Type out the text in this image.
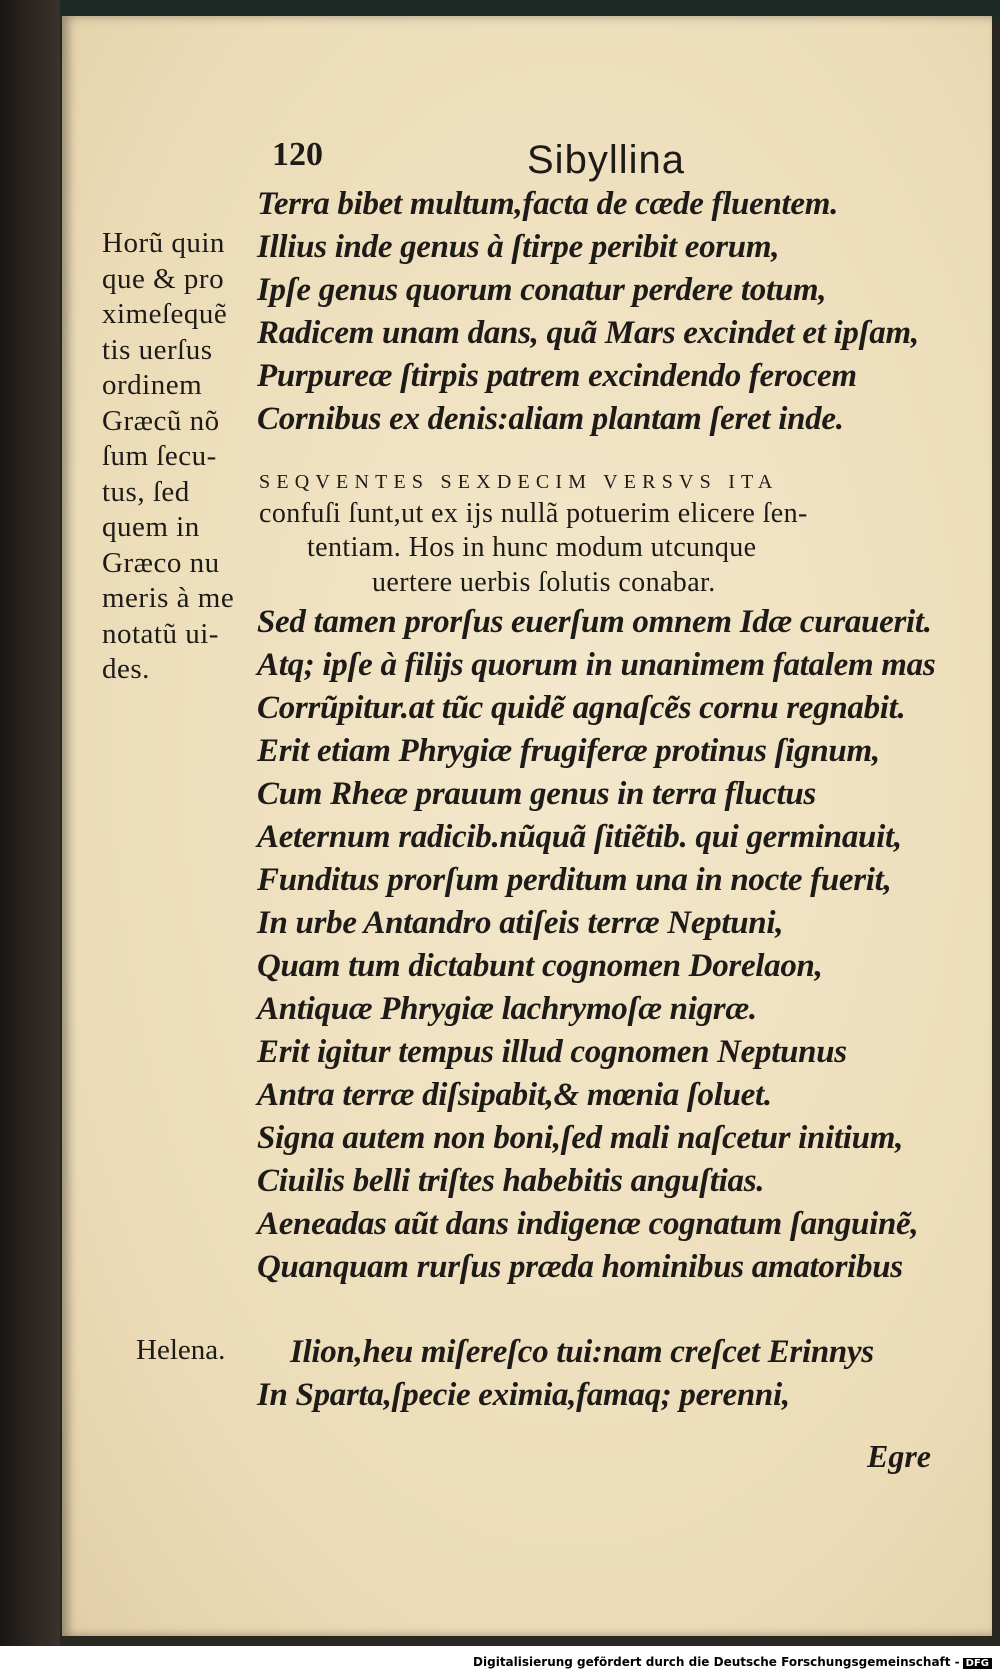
120	Sibyllina
Horũ quin
que & pro
ximeſequẽ
tis uerſus
ordinem
Græcũ nõ
ſum ſecu-
tus, ſed
quem in
Græco nu
meris à me
notatũ ui-
des.
Helena.
Terra bibet multum,facta de cæde fluentem.
Illius inde genus à ſtirpe peribit eorum,
Ipſe genus quorum conatur perdere totum,
Radicem unam dans, quã Mars excindet et ipſam,
Purpureæ ſtirpis patrem excindendo ferocem
Cornibus ex denis:aliam plantam ſeret inde.
SEQVENTES SEXDECIM VERSVS ITA
confuſi ſunt,ut ex ijs nullã potuerim elicere ſen-
tentiam. Hos in hunc modum utcunque
uertere uerbis ſolutis conabar.
Sed tamen prorſus euerſum omnem Idæ curauerit.
Atq; ipſe à filijs quorum in unanimem fatalem mas
Corrũpitur.at tũc quidẽ agnaſcẽs cornu regnabit.
Erit etiam Phrygiæ frugiferæ protinus ſignum,
Cum Rheæ prauum genus in terra fluctus
Aeternum radicib.nũquã ſitiẽtib. qui germinauit,
Funditus prorſum perditum una in nocte fuerit,
In urbe Antandro atiſeis terræ Neptuni,
Quam tum dictabunt cognomen Dorelaon,
Antiquæ Phrygiæ lachrymoſæ nigræ.
Erit igitur tempus illud cognomen Neptunus
Antra terræ diſsipabit,& mœnia ſoluet.
Signa autem non boni,ſed mali naſcetur initium,
Ciuilis belli triſtes habebitis anguſtias.
Aeneadas aũt dans indigenæ cognatum ſanguinẽ,
Quanquam rurſus præda hominibus amatoribus
Ilion,heu miſereſco tui:nam creſcet Erinnys
In Sparta,ſpecie eximia,famaq; perenni,
Egre
Digitalisierung gefördert durch die Deutsche Forschungsgemeinschaft - DFG
